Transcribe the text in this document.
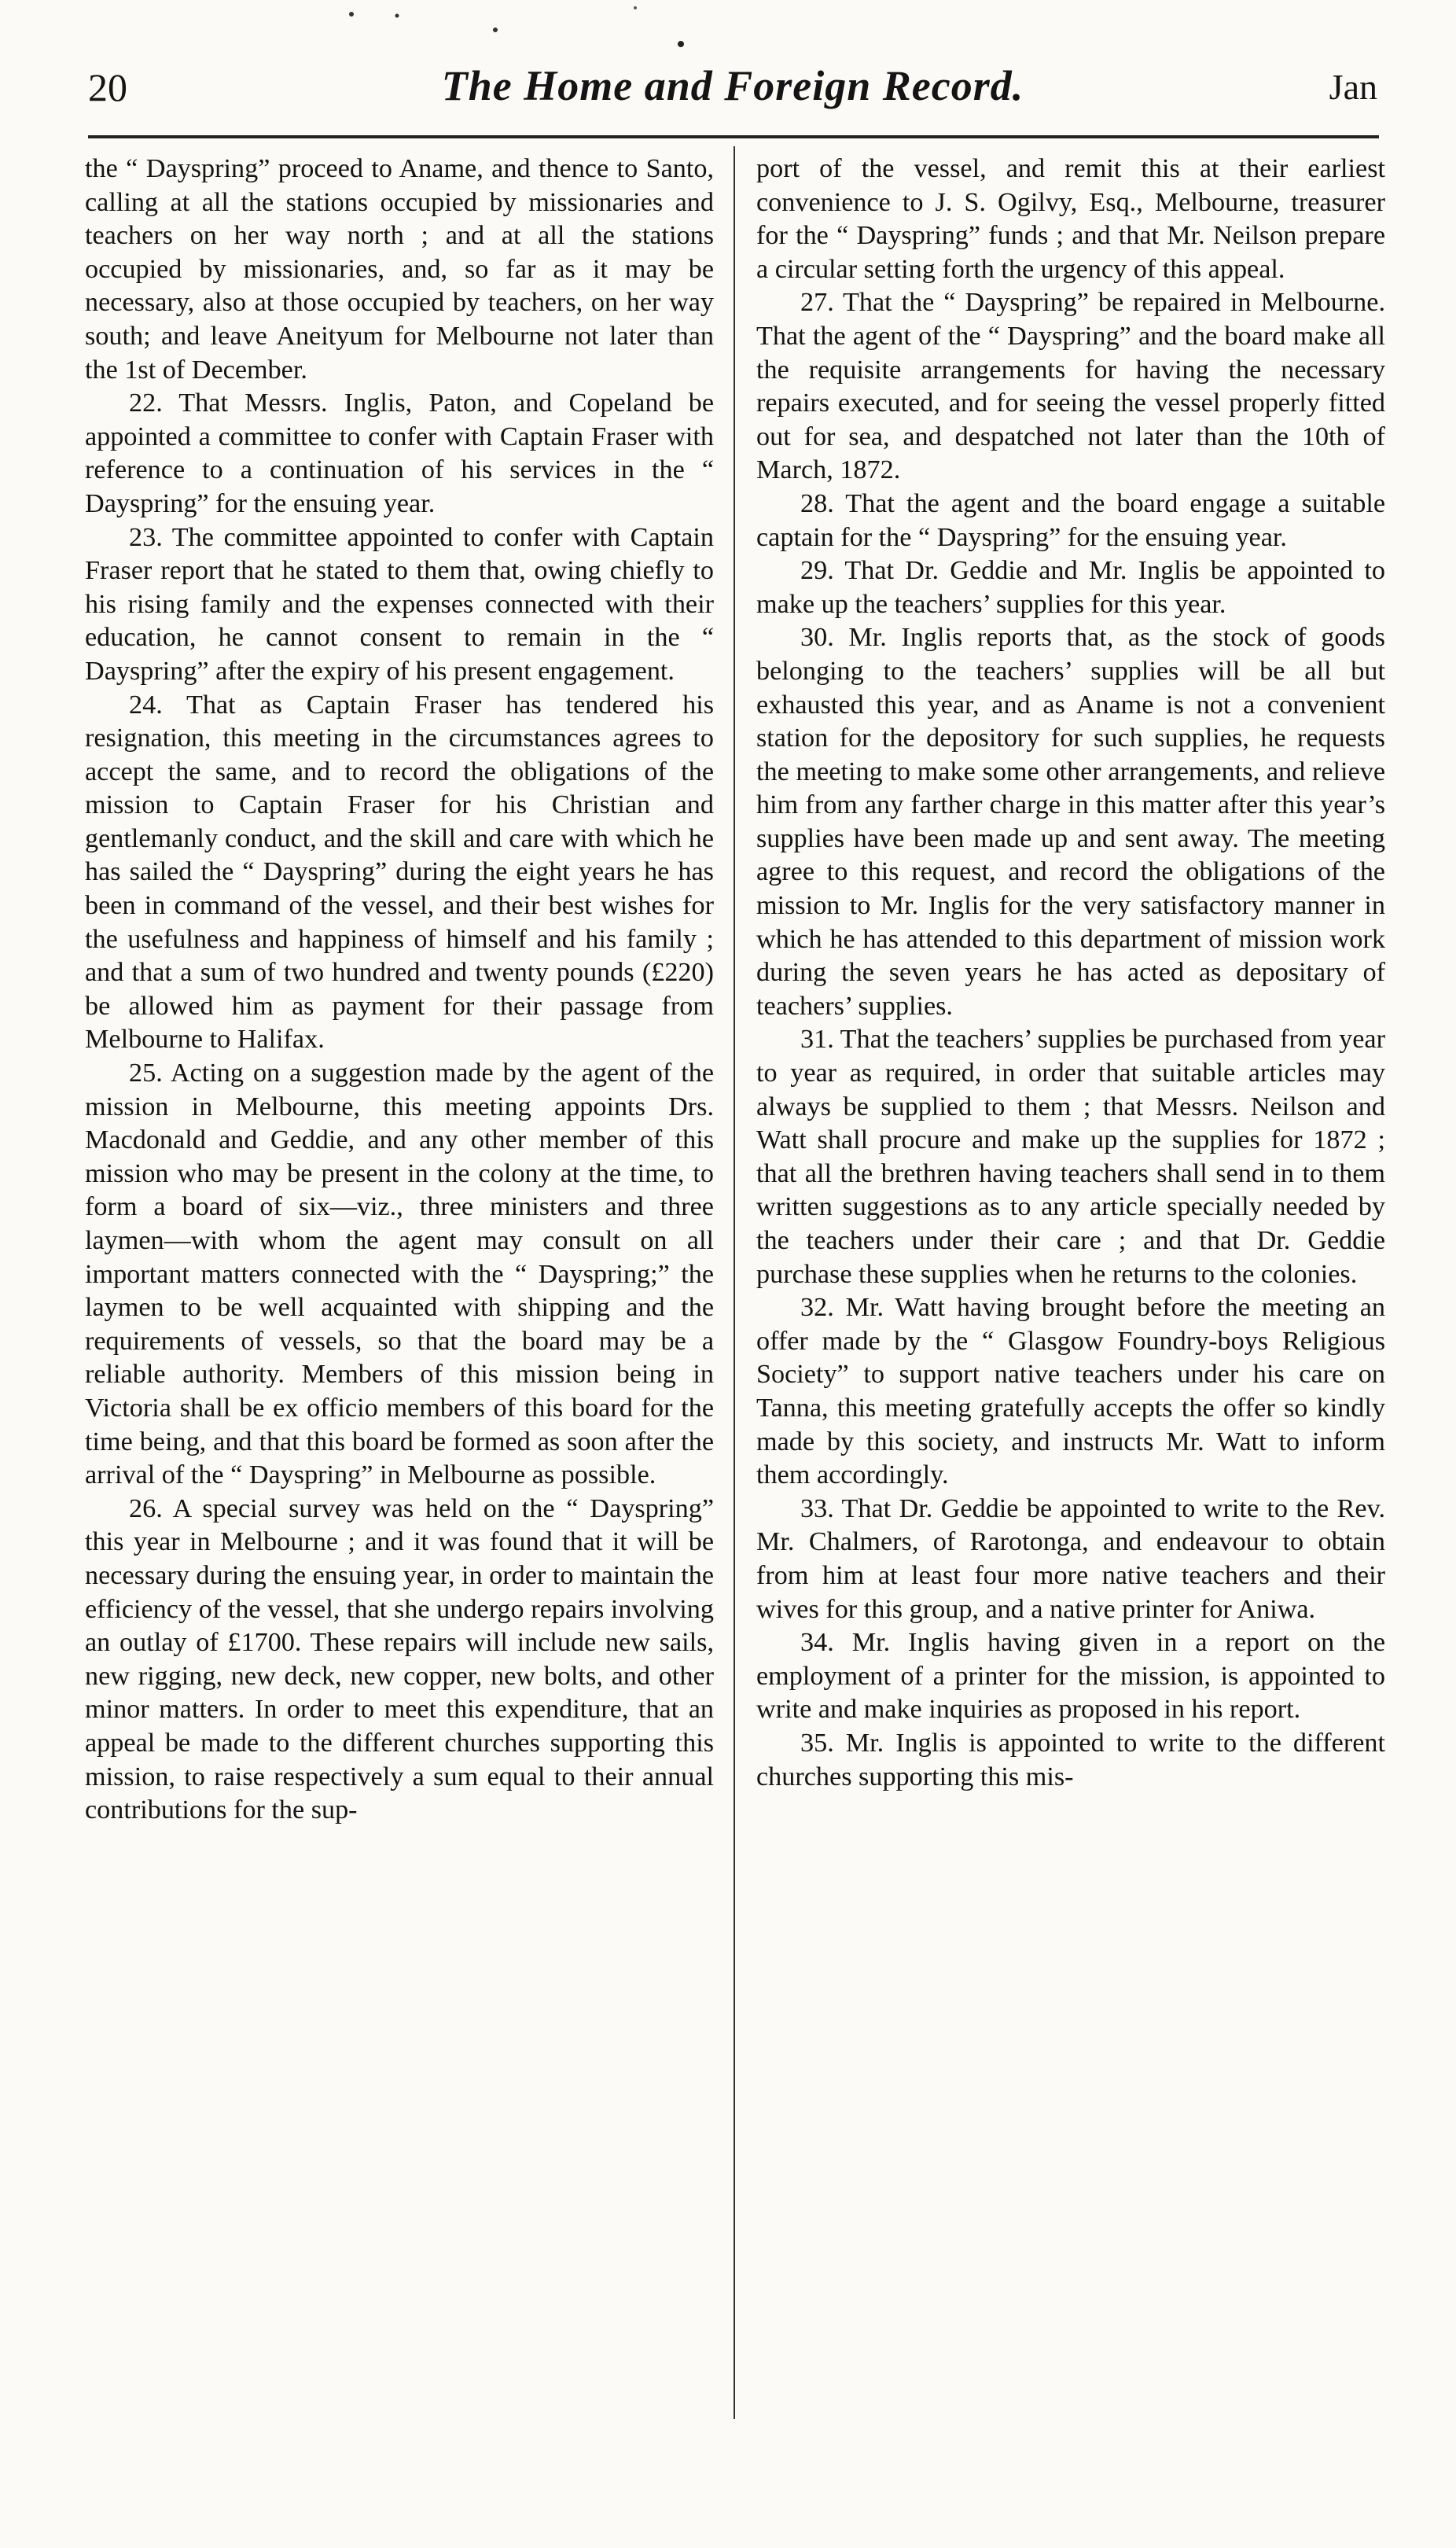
20	The Home and Foreign Record.	Jan

the “ Dayspring” proceed to Aname, and thence to Santo, calling at all the stations occupied by missionaries and teachers on her way north ; and at all the stations occupied by missionaries, and, so far as it may be necessary, also at those occupied by teachers, on her way south; and leave Aneityum for Melbourne not later than the 1st of December.

22. That Messrs. Inglis, Paton, and Copeland be appointed a committee to confer with Captain Fraser with reference to a continuation of his services in the “ Dayspring” for the ensuing year.

23. The committee appointed to confer with Captain Fraser report that he stated to them that, owing chiefly to his rising family and the expenses connected with their education, he cannot consent to remain in the “ Dayspring” after the expiry of his present engagement.

24. That as Captain Fraser has tendered his resignation, this meeting in the circumstances agrees to accept the same, and to record the obligations of the mission to Captain Fraser for his Christian and gentlemanly conduct, and the skill and care with which he has sailed the “ Dayspring” during the eight years he has been in command of the vessel, and their best wishes for the usefulness and happiness of himself and his family ; and that a sum of two hundred and twenty pounds (£220) be allowed him as payment for their passage from Melbourne to Halifax.

25. Acting on a suggestion made by the agent of the mission in Melbourne, this meeting appoints Drs. Macdonald and Geddie, and any other member of this mission who may be present in the colony at the time, to form a board of six—viz., three ministers and three laymen—with whom the agent may consult on all important matters connected with the “ Dayspring;” the laymen to be well acquainted with shipping and the requirements of vessels, so that the board may be a reliable authority. Members of this mission being in Victoria shall be ex officio members of this board for the time being, and that this board be formed as soon after the arrival of the “ Dayspring” in Melbourne as possible.

26. A special survey was held on the “ Dayspring” this year in Melbourne ; and it was found that it will be necessary during the ensuing year, in order to maintain the efficiency of the vessel, that she undergo repairs involving an outlay of £1700. These repairs will include new sails, new rigging, new deck, new copper, new bolts, and other minor matters. In order to meet this expenditure, that an appeal be made to the different churches supporting this mission, to raise respectively a sum equal to their annual contributions for the sup-

port of the vessel, and remit this at their earliest convenience to J. S. Ogilvy, Esq., Melbourne, treasurer for the “ Dayspring” funds ; and that Mr. Neilson prepare a circular setting forth the urgency of this appeal.

27. That the “ Dayspring” be repaired in Melbourne. That the agent of the “ Dayspring” and the board make all the requisite arrangements for having the necessary repairs executed, and for seeing the vessel properly fitted out for sea, and despatched not later than the 10th of March, 1872.

28. That the agent and the board engage a suitable captain for the “ Dayspring” for the ensuing year.

29. That Dr. Geddie and Mr. Inglis be appointed to make up the teachers’ supplies for this year.

30. Mr. Inglis reports that, as the stock of goods belonging to the teachers’ supplies will be all but exhausted this year, and as Aname is not a convenient station for the depository for such supplies, he requests the meeting to make some other arrangements, and relieve him from any farther charge in this matter after this year’s supplies have been made up and sent away. The meeting agree to this request, and record the obligations of the mission to Mr. Inglis for the very satisfactory manner in which he has attended to this department of mission work during the seven years he has acted as depositary of teachers’ supplies.

31. That the teachers’ supplies be purchased from year to year as required, in order that suitable articles may always be supplied to them ; that Messrs. Neilson and Watt shall procure and make up the supplies for 1872 ; that all the brethren having teachers shall send in to them written suggestions as to any article specially needed by the teachers under their care ; and that Dr. Geddie purchase these supplies when he returns to the colonies.

32. Mr. Watt having brought before the meeting an offer made by the “ Glasgow Foundry-boys Religious Society” to support native teachers under his care on Tanna, this meeting gratefully accepts the offer so kindly made by this society, and instructs Mr. Watt to inform them accordingly.

33. That Dr. Geddie be appointed to write to the Rev. Mr. Chalmers, of Rarotonga, and endeavour to obtain from him at least four more native teachers and their wives for this group, and a native printer for Aniwa.

34. Mr. Inglis having given in a report on the employment of a printer for the mission, is appointed to write and make inquiries as proposed in his report.

35. Mr. Inglis is appointed to write to the different churches supporting this mis-
